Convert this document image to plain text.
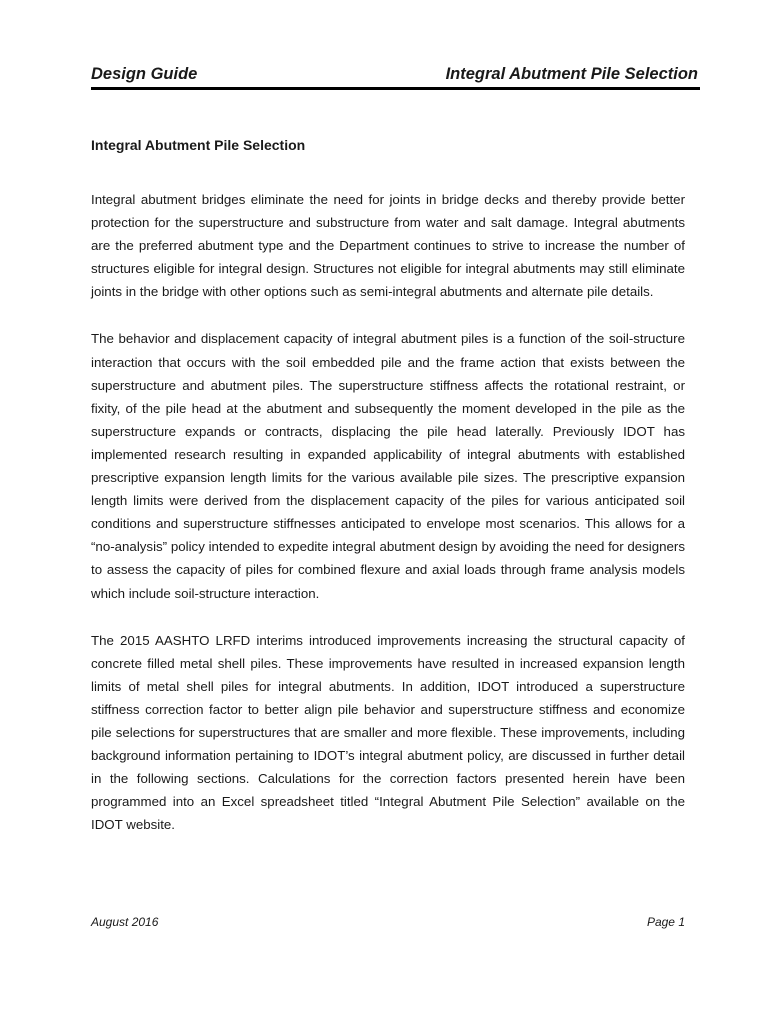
Design Guide	Integral Abutment Pile Selection
Integral Abutment Pile Selection

Integral abutment bridges eliminate the need for joints in bridge decks and thereby provide better protection for the superstructure and substructure from water and salt damage. Integral abutments are the preferred abutment type and the Department continues to strive to increase the number of structures eligible for integral design. Structures not eligible for integral abutments may still eliminate joints in the bridge with other options such as semi-integral abutments and alternate pile details.

The behavior and displacement capacity of integral abutment piles is a function of the soil-structure interaction that occurs with the soil embedded pile and the frame action that exists between the superstructure and abutment piles. The superstructure stiffness affects the rotational restraint, or fixity, of the pile head at the abutment and subsequently the moment developed in the pile as the superstructure expands or contracts, displacing the pile head laterally. Previously IDOT has implemented research resulting in expanded applicability of integral abutments with established prescriptive expansion length limits for the various available pile sizes. The prescriptive expansion length limits were derived from the displacement capacity of the piles for various anticipated soil conditions and superstructure stiffnesses anticipated to envelope most scenarios. This allows for a “no-analysis” policy intended to expedite integral abutment design by avoiding the need for designers to assess the capacity of piles for combined flexure and axial loads through frame analysis models which include soil-structure interaction.

The 2015 AASHTO LRFD interims introduced improvements increasing the structural capacity of concrete filled metal shell piles. These improvements have resulted in increased expansion length limits of metal shell piles for integral abutments. In addition, IDOT introduced a superstructure stiffness correction factor to better align pile behavior and superstructure stiffness and economize pile selections for superstructures that are smaller and more flexible. These improvements, including background information pertaining to IDOT’s integral abutment policy, are discussed in further detail in the following sections. Calculations for the correction factors presented herein have been programmed into an Excel spreadsheet titled “Integral Abutment Pile Selection” available on the IDOT website.

August 2016	Page 1
